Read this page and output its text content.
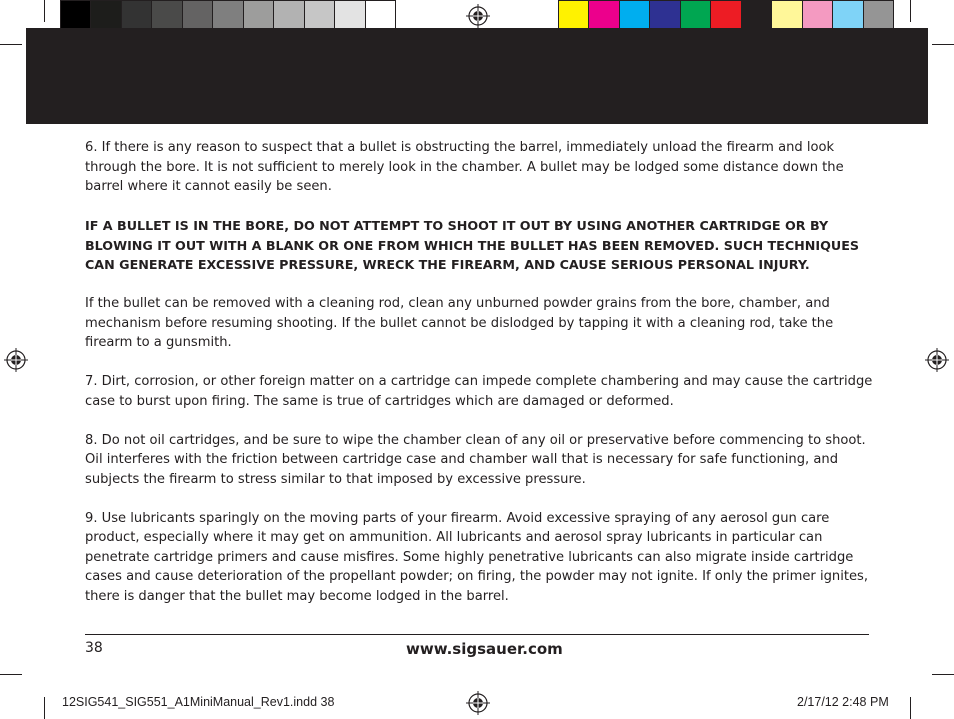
6. If there is any reason to suspect that a bullet is obstructing the barrel, immediately unload the firearm and look through the bore. It is not sufficient to merely look in the chamber. A bullet may be lodged some distance down the barrel where it cannot easily be seen.

IF A BULLET IS IN THE BORE, DO NOT ATTEMPT TO SHOOT IT OUT BY USING ANOTHER CARTRIDGE OR BY BLOWING IT OUT WITH A BLANK OR ONE FROM WHICH THE BULLET HAS BEEN REMOVED. SUCH TECHNIQUES CAN GENERATE EXCESSIVE PRESSURE, WRECK THE FIREARM, AND CAUSE SERIOUS PERSONAL INJURY.

If the bullet can be removed with a cleaning rod, clean any unburned powder grains from the bore, chamber, and mechanism before resuming shooting. If the bullet cannot be dislodged by tapping it with a cleaning rod, take the firearm to a gunsmith.

7. Dirt, corrosion, or other foreign matter on a cartridge can impede complete chambering and may cause the cartridge case to burst upon firing. The same is true of cartridges which are damaged or deformed.

8. Do not oil cartridges, and be sure to wipe the chamber clean of any oil or preservative before commencing to shoot. Oil interferes with the friction between cartridge case and chamber wall that is necessary for safe functioning, and subjects the firearm to stress similar to that imposed by excessive pressure.

9. Use lubricants sparingly on the moving parts of your firearm. Avoid excessive spraying of any aerosol gun care product, especially where it may get on ammunition. All lubricants and aerosol spray lubricants in particular can penetrate cartridge primers and cause misfires. Some highly penetrative lubricants can also migrate inside cartridge cases and cause deterioration of the propellant powder; on firing, the powder may not ignite. If only the primer ignites, there is danger that the bullet may become lodged in the barrel.

38	www.sigsauer.com
12SIG541_SIG551_A1MiniManual_Rev1.indd 38	2/17/12 2:48 PM
